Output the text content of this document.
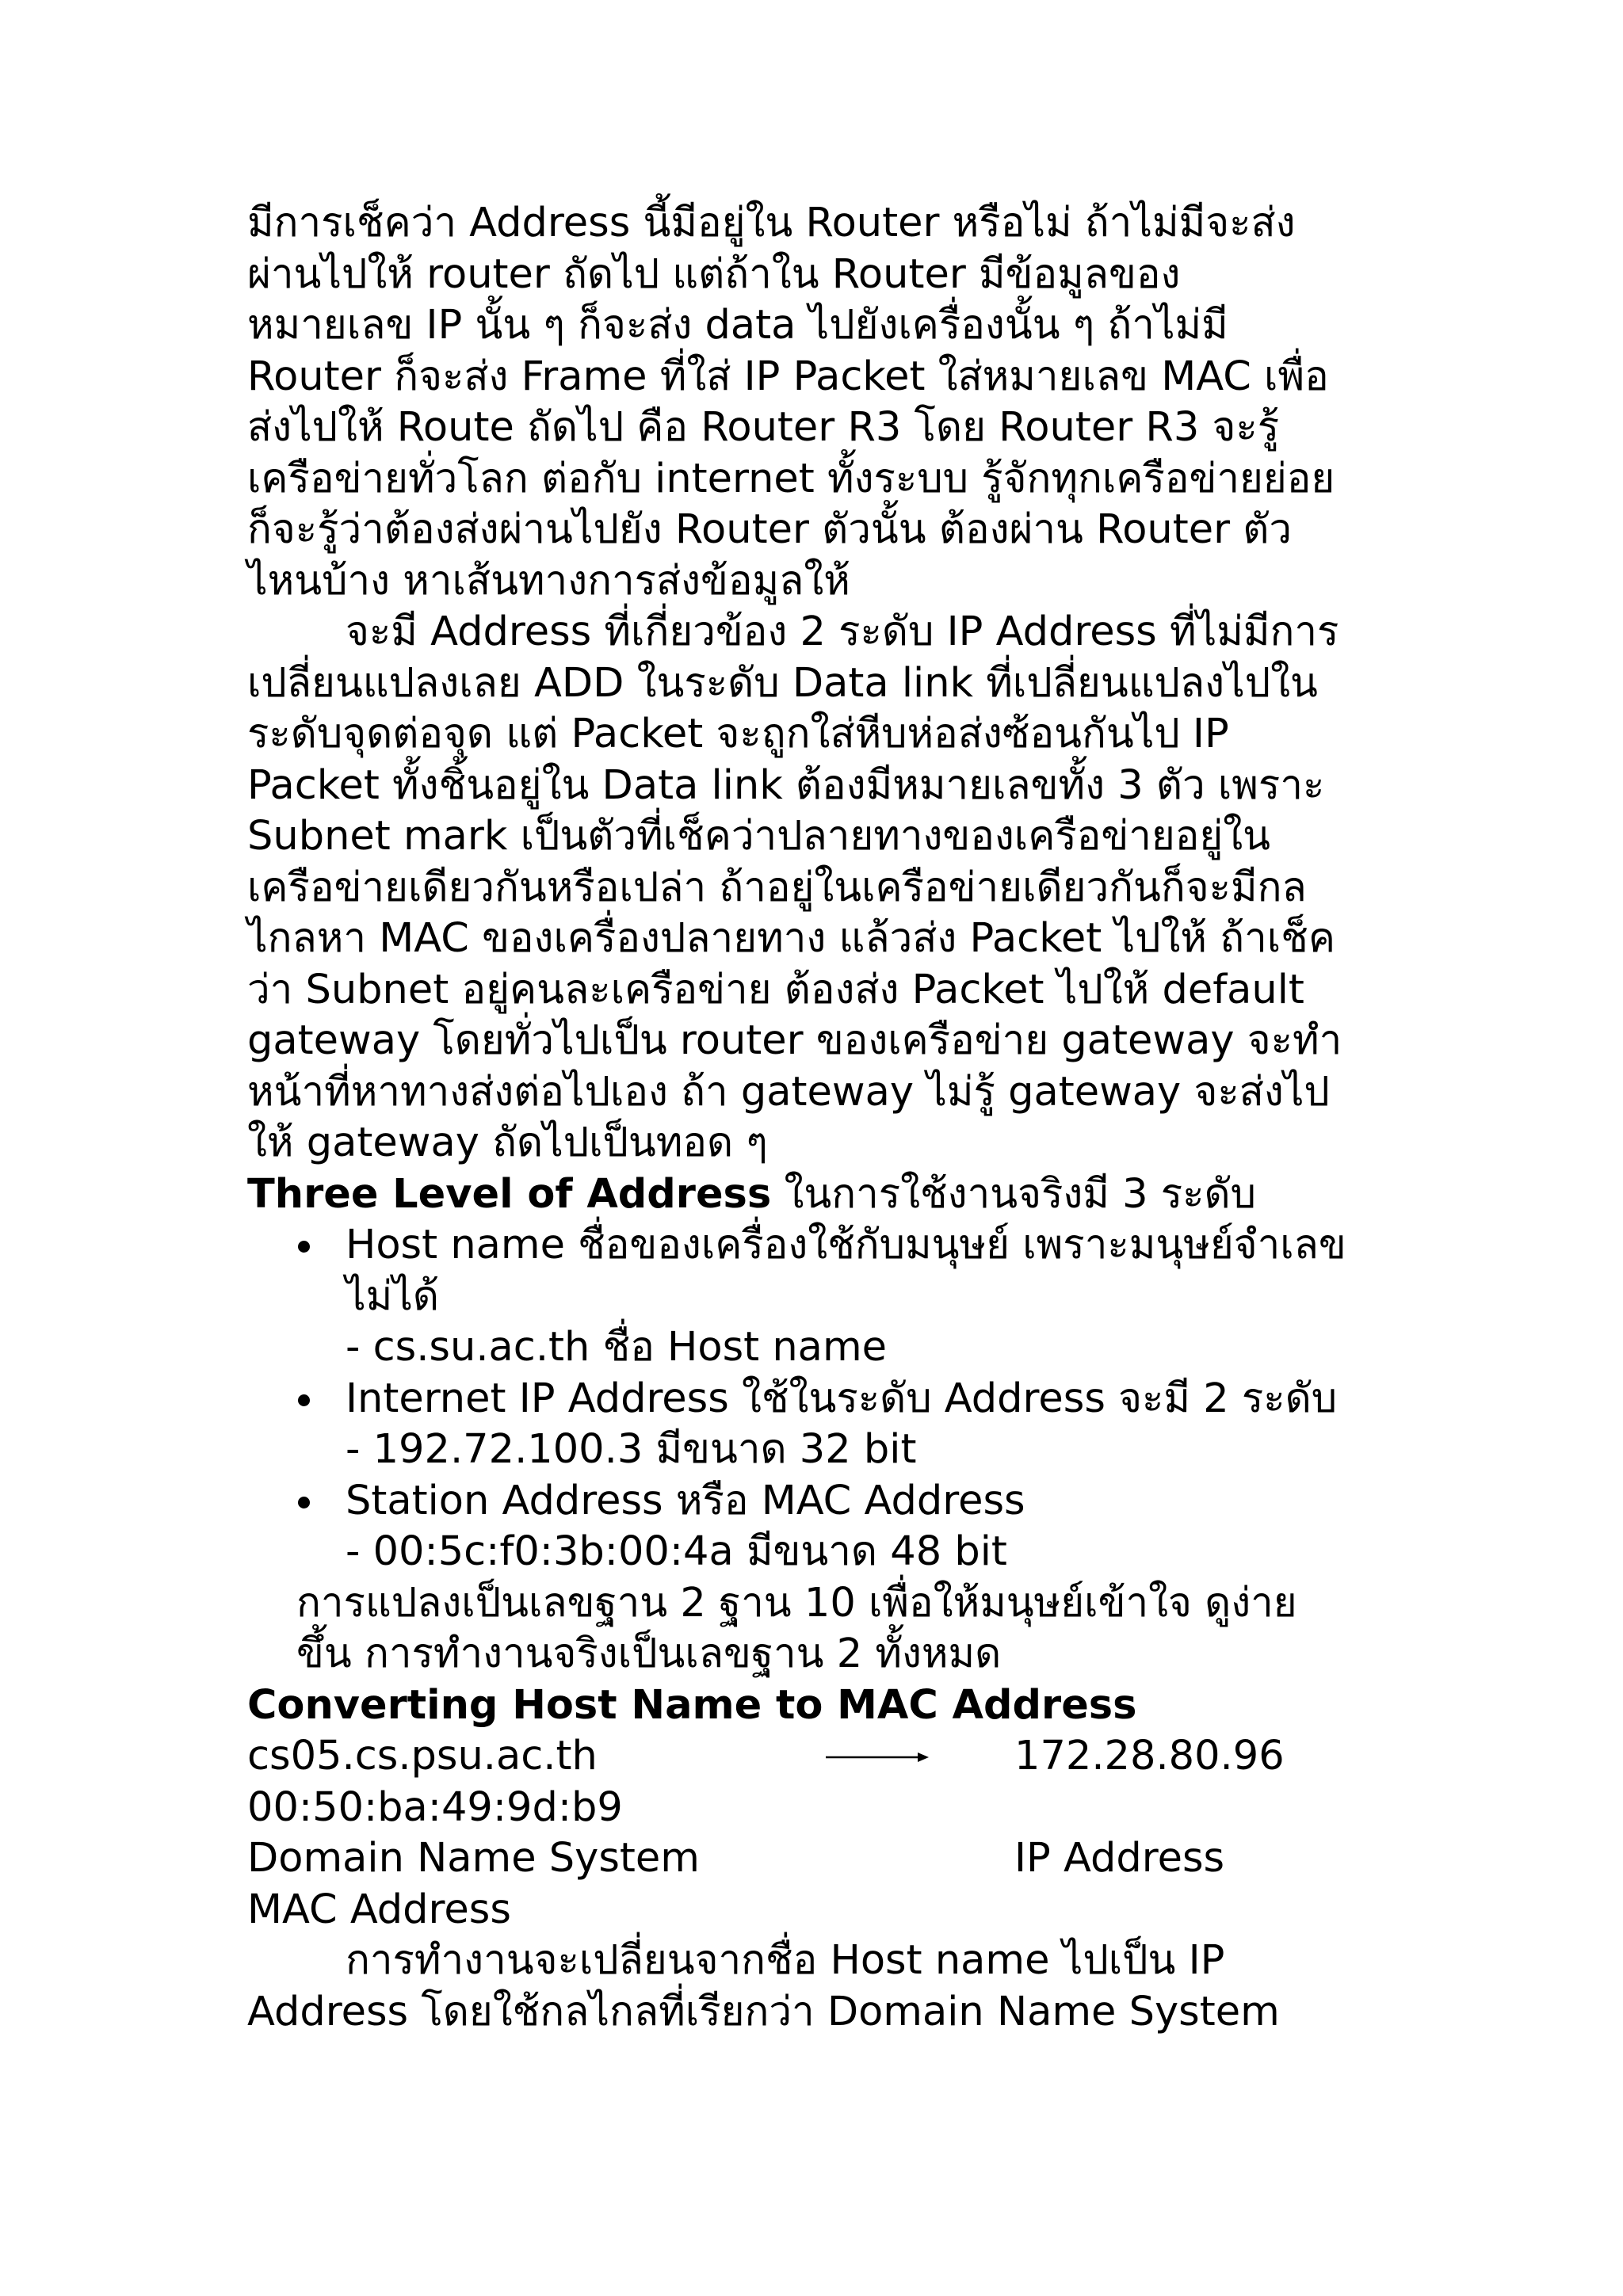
มีการเช็คว่า Address นี้มีอยู่ใน Router หรือไม่ ถ้าไม่มีจะส่ง
ผ่านไปให้ router ถัดไป แต่ถ้าใน Router มีข้อมูลของ
หมายเลข IP นั้น ๆ ก็จะส่ง data ไปยังเครื่องนั้น ๆ ถ้าไม่มี
Router ก็จะส่ง Frame ที่ใส่ IP Packet ใส่หมายเลข MAC เพื่อ
ส่งไปให้ Route ถัดไป คือ Router R3 โดย Router R3 จะรู้
เครือข่ายทั่วโลก ต่อกับ internet ทั้งระบบ รู้จักทุกเครือข่ายย่อย
ก็จะรู้ว่าต้องส่งผ่านไปยัง Router ตัวนั้น ต้องผ่าน Router ตัว
ไหนบ้าง หาเส้นทางการส่งข้อมูลให้
จะมี Address ที่เกี่ยวข้อง 2 ระดับ IP Address ที่ไม่มีการ
เปลี่ยนแปลงเลย ADD ในระดับ Data link ที่เปลี่ยนแปลงไปใน
ระดับจุดต่อจุด แต่ Packet จะถูกใส่หีบห่อส่งซ้อนกันไป IP
Packet ทั้งชิ้นอยู่ใน Data link ต้องมีหมายเลขทั้ง 3 ตัว เพราะ
Subnet mark เป็นตัวที่เช็คว่าปลายทางของเครือข่ายอยู่ใน
เครือข่ายเดียวกันหรือเปล่า ถ้าอยู่ในเครือข่ายเดียวกันก็จะมีกล
ไกลหา MAC ของเครื่องปลายทาง แล้วส่ง Packet ไปให้ ถ้าเช็ค
ว่า Subnet อยู่คนละเครือข่าย ต้องส่ง Packet ไปให้ default
gateway โดยทั่วไปเป็น router ของเครือข่าย gateway จะทำ
หน้าที่หาทางส่งต่อไปเอง ถ้า gateway ไม่รู้ gateway จะส่งไป
ให้ gateway ถัดไปเป็นทอด ๆ
Three Level of Address ในการใช้งานจริงมี 3 ระดับ
Host name ชื่อของเครื่องใช้กับมนุษย์ เพราะมนุษย์จำเลข
ไม่ได้
- cs.su.ac.th ชื่อ Host name
Internet IP Address ใช้ในระดับ Address จะมี 2 ระดับ
- 192.72.100.3 มีขนาด 32 bit
Station Address หรือ MAC Address
- 00:5c:f0:3b:00:4a มีขนาด 48 bit
การแปลงเป็นเลขฐาน 2 ฐาน 10 เพื่อให้มนุษย์เข้าใจ ดูง่าย
ขึ้น การทำงานจริงเป็นเลขฐาน 2 ทั้งหมด
Converting Host Name to MAC Address
cs05.cs.psu.ac.th	172.28.80.96
00:50:ba:49:9d:b9
Domain Name System	IP Address
MAC Address
การทำงานจะเปลี่ยนจากชื่อ Host name ไปเป็น IP
Address โดยใช้กลไกลที่เรียกว่า Domain Name System
